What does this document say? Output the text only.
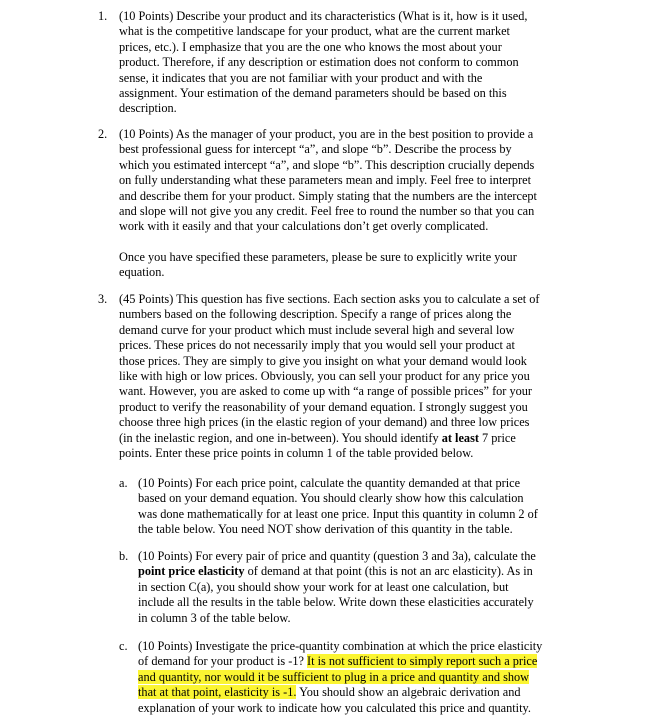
1. (10 Points) Describe your product and its characteristics (What is it, how is it used,
what is the competitive landscape for your product, what are the current market
prices, etc.). I emphasize that you are the one who knows the most about your
product. Therefore, if any description or estimation does not conform to common
sense, it indicates that you are not familiar with your product and with the
assignment. Your estimation of the demand parameters should be based on this
description.
2. (10 Points) As the manager of your product, you are in the best position to provide a
best professional guess for intercept “a”, and slope “b”. Describe the process by
which you estimated intercept “a”, and slope “b”. This description crucially depends
on fully understanding what these parameters mean and imply. Feel free to interpret
and describe them for your product. Simply stating that the numbers are the intercept
and slope will not give you any credit. Feel free to round the number so that you can
work with it easily and that your calculations don’t get overly complicated.
Once you have specified these parameters, please be sure to explicitly write your
equation.
3. (45 Points) This question has five sections. Each section asks you to calculate a set of
numbers based on the following description. Specify a range of prices along the
demand curve for your product which must include several high and several low
prices. These prices do not necessarily imply that you would sell your product at
those prices. They are simply to give you insight on what your demand would look
like with high or low prices. Obviously, you can sell your product for any price you
want. However, you are asked to come up with “a range of possible prices” for your
product to verify the reasonability of your demand equation. I strongly suggest you
choose three high prices (in the elastic region of your demand) and three low prices
(in the inelastic region, and one in-between). You should identify at least 7 price
points. Enter these price points in column 1 of the table provided below.
a. (10 Points) For each price point, calculate the quantity demanded at that price
based on your demand equation. You should clearly show how this calculation
was done mathematically for at least one price. Input this quantity in column 2 of
the table below. You need NOT show derivation of this quantity in the table.
b. (10 Points) For every pair of price and quantity (question 3 and 3a), calculate the
point price elasticity of demand at that point (this is not an arc elasticity). As in
in section C(a), you should show your work for at least one calculation, but
include all the results in the table below. Write down these elasticities accurately
in column 3 of the table below.
c. (10 Points) Investigate the price-quantity combination at which the price elasticity
of demand for your product is -1? It is not sufficient to simply report such a price
and quantity, nor would it be sufficient to plug in a price and quantity and show
that at that point, elasticity is -1. You should show an algebraic derivation and
explanation of your work to indicate how you calculated this price and quantity.
